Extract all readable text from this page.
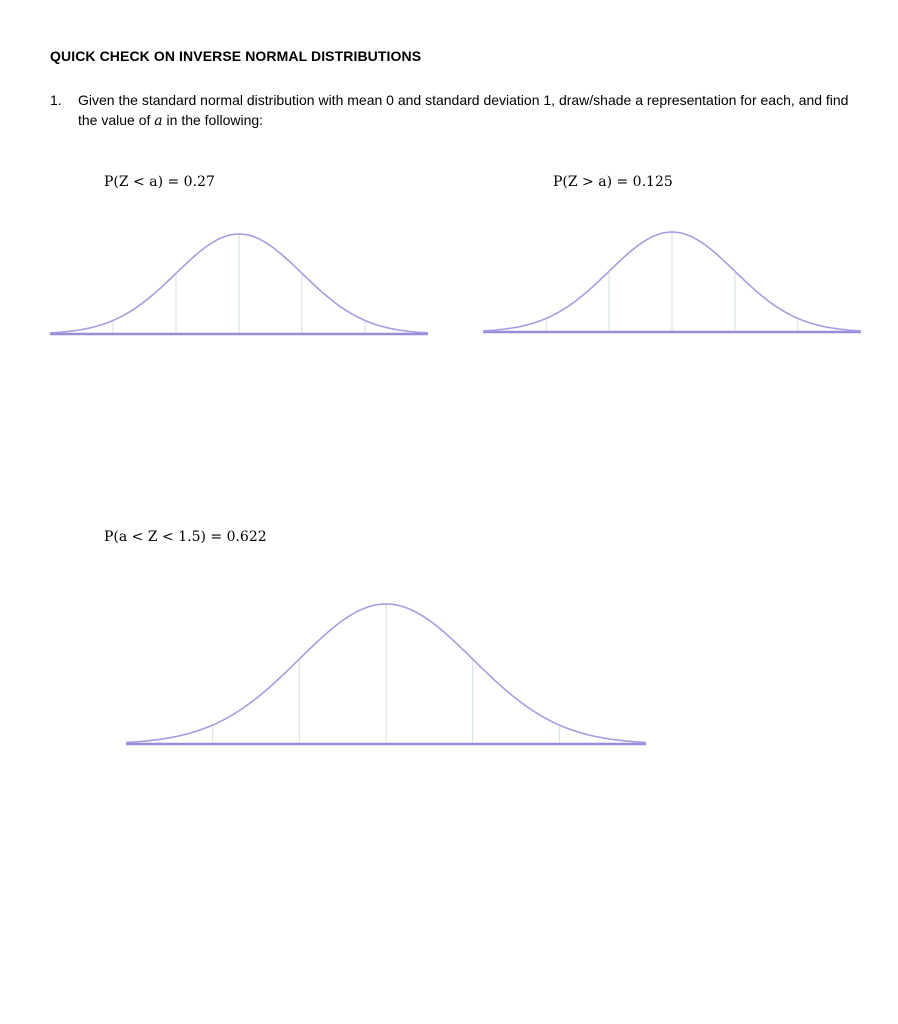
QUICK CHECK ON INVERSE NORMAL DISTRIBUTIONS
1. Given the standard normal distribution with mean 0 and standard deviation 1, draw/shade a representation for each, and find the value of a in the following:
P(Z < a) = 0.27	P(Z > a) = 0.125
P(a < Z < 1.5) = 0.622
